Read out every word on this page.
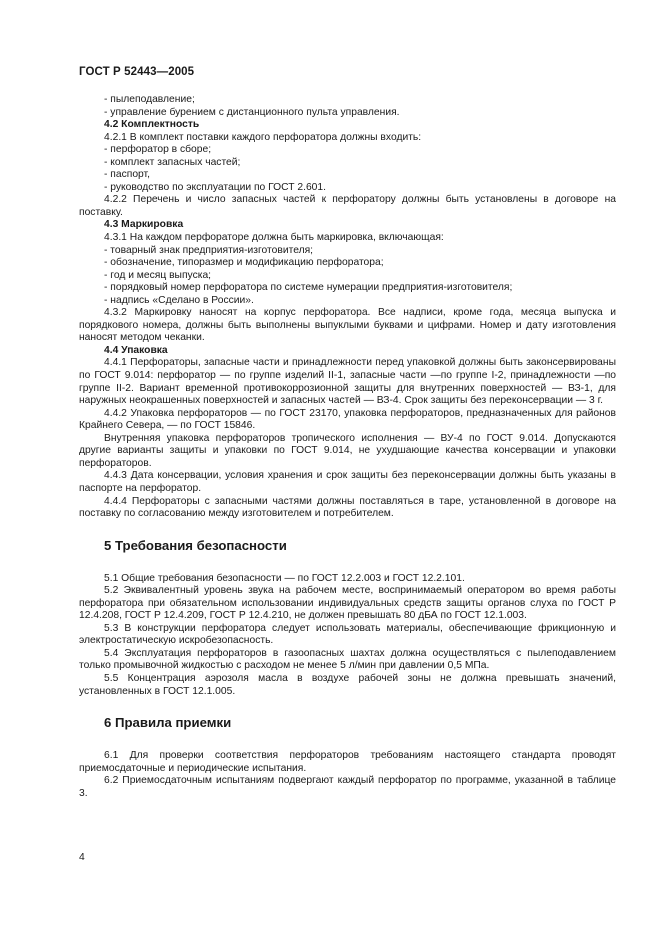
ГОСТ Р 52443—2005

- пылеподавление;

- управление бурением с дистанционного пульта управления.

4.2 Комплектность

4.2.1 В комплект поставки каждого перфоратора должны входить:

- перфоратор в сборе;

- комплект запасных частей;

- паспорт,

- руководство по эксплуатации по ГОСТ 2.601.

4.2.2 Перечень и число запасных частей к перфоратору должны быть установлены в договоре на поставку.

4.3 Маркировка

4.3.1 На каждом перфораторе должна быть маркировка, включающая:

- товарный знак предприятия-изготовителя;

- обозначение, типоразмер и модификацию перфоратора;

- год и месяц выпуска;

- порядковый номер перфоратора по системе нумерации предприятия-изготовителя;

- надпись «Сделано в России».

4.3.2 Маркировку наносят на корпус перфоратора. Все надписи, кроме года, месяца выпуска и порядкового номера, должны быть выполнены выпуклыми буквами и цифрами. Номер и дату изготовления наносят методом чеканки.

4.4 Упаковка

4.4.1 Перфораторы, запасные части и принадлежности перед упаковкой должны быть законсервированы по ГОСТ 9.014: перфоратор — по группе изделий II-1, запасные части —по группе I-2, принадлежности —по группе II-2. Вариант временной противокоррозионной защиты для внутренних поверхностей — ВЗ-1, для наружных неокрашенных поверхностей и запасных частей — ВЗ-4. Срок защиты без переконсервации — 3 г.

4.4.2 Упаковка перфораторов — по ГОСТ 23170, упаковка перфораторов, предназначенных для районов Крайнего Севера, — по ГОСТ 15846.

Внутренняя упаковка перфораторов тропического исполнения — ВУ-4 по ГОСТ 9.014. Допускаются другие варианты защиты и упаковки по ГОСТ 9.014, не ухудшающие качества консервации и упаковки перфораторов.

4.4.3 Дата консервации, условия хранения и срок защиты без переконсервации должны быть указаны в паспорте на перфоратор.

4.4.4 Перфораторы с запасными частями должны поставляться в таре, установленной в договоре на поставку по согласованию между изготовителем и потребителем.

5 Требования безопасности

5.1 Общие требования безопасности — по ГОСТ 12.2.003 и ГОСТ 12.2.101.

5.2 Эквивалентный уровень звука на рабочем месте, воспринимаемый оператором во время работы перфоратора при обязательном использовании индивидуальных средств защиты органов слуха по ГОСТ Р 12.4.208, ГОСТ Р 12.4.209, ГОСТ Р 12.4.210, не должен превышать 80 дБА по ГОСТ 12.1.003.

5.3 В конструкции перфоратора следует использовать материалы, обеспечивающие фрикционную и электростатическую искробезопасность.

5.4 Эксплуатация перфораторов в газоопасных шахтах должна осуществляться с пылеподавлением только промывочной жидкостью с расходом не менее 5 л/мин при давлении 0,5 МПа.

5.5 Концентрация аэрозоля масла в воздухе рабочей зоны не должна превышать значений, установленных в ГОСТ 12.1.005.

6 Правила приемки

6.1 Для проверки соответствия перфораторов требованиям настоящего стандарта проводят приемосдаточные и периодические испытания.

6.2 Приемосдаточным испытаниям подвергают каждый перфоратор по программе, указанной в таблице 3.

4
